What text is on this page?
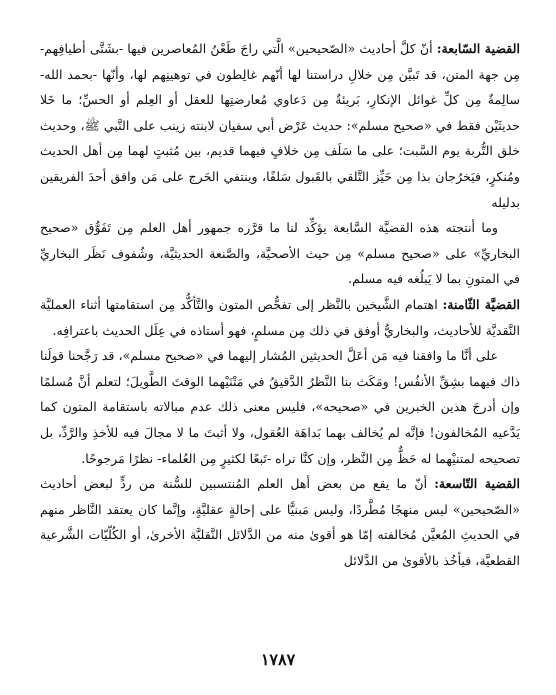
القضية السّابعة: أنّ كلَّ أحاديث «الصّحيحين» الَّتي راجَ طَعْنُ المُعاصرين فيها -بشَتَّى أطيافِهم- مِن جهة المتن، قد تَبيَّن مِن خلالِ دراستنا لها أنّهم غالِطون في توهينِهم لها، وأنّها -بحمد الله- سالِمةٌ مِن كلِّ غوائل الإنكارِ، بَريئةٌ مِن دَعاوي مُعارضتِها للعقل أو العِلم أو الحسِّ؛ ما خَلا حديثَيْن فقط في «صحيح مسلم»: حديث عَرْض أبي سفيان لابنته زينب على النَّبي ﷺ، وحديث خلق التُّربة يوم السَّبت؛ على ما سَلَف مِن خلافٍ فيهما قديم، بين مُثبتٍ لهما مِن أهل الحديث ومُنكرٍ، فيَخرُجان بذا مِن حَيِّز التَّلقي بالقَبول سَلفًا، وينتفي الحَرج على مَن وافق أحدَ الفريقين بدليله

وما أنتجته هذه القضيَّة السَّابعة يؤكِّد لنا ما قرَّره جمهور أهل العلم مِن تَفَوُّق «صحيح البخاريِّ» على «صحيح مسلم» مِن حيث الأصحيَّة، والصَّنعة الحديثيَّة، وشُفوف نَظَر البخاريِّ في المتونِ بما لا يَبلُغه فيه مسلم.

القضيَّة الثّامنة: اهتمام الشَّيخين بالنَّظر إلى تفحُّص المتون والتَّأكُّد مِن استقامتها أثناء العمليَّة النَّقديَّة للأحاديث، والبخاريُّ أوفق في ذلك مِن مسلمٍ، فهو أستاذه في عِلَل الحديث باعترافِه.

على أنَّا ما وافقنا فيه مَن أعَلَّ الحديثين المُشار إليهما في «صحيح مسلم»، قد رَجَّحنا قولَنا ذاك فيهما بشِقِّ الأنفُس! ومَكَث بنا النَّظرُ الدَّقيقُ في مَتْنَيْهما الوقتَ الطَّويلَ؛ لتعلم أنَّ مُسلمًا وإن أدرجَ هذين الخبرين في «صحيحه»، فليس معنى ذلك عدم مبالاته باستقامة المتون كما يَدَّعيه المُخالفون! فإنَّه لم يُخالف بهما بَداهَة العُقول، ولا أثبتَ ما لا مجالَ فيه للأخذِ والرَّدِّ، بل تصحيحه لمتنيْهما له حَظٌّ مِن النَّظر، وإن كنَّا نراه -تَبعًا لكثيرٍ مِن العُلماء- نظرًا مَرجوحًا.

القضية التّاسعة: أنّ ما يقع من بعض أهل العلم المُنتسبين للسُّنة من ردٍّ لبعض أحاديث «الصّحيحين» ليس منهجًا مُطَّردًا، وليس مَبنيًّا على إحالةٍ عقليَّةٍ، وإنَّما كان يعتقد النَّاظر منهم في الحديثِ المُعيَّن مُخالفته إمّا هو أقوىٰ منه من الدَّلائل النَّقليَّة الأخرىٰ، أو الكُلّيّات الشَّرعية القطعيَّة، فيأخُذ بالأقوىٰ من الدَّلائل

١٧٨٧
